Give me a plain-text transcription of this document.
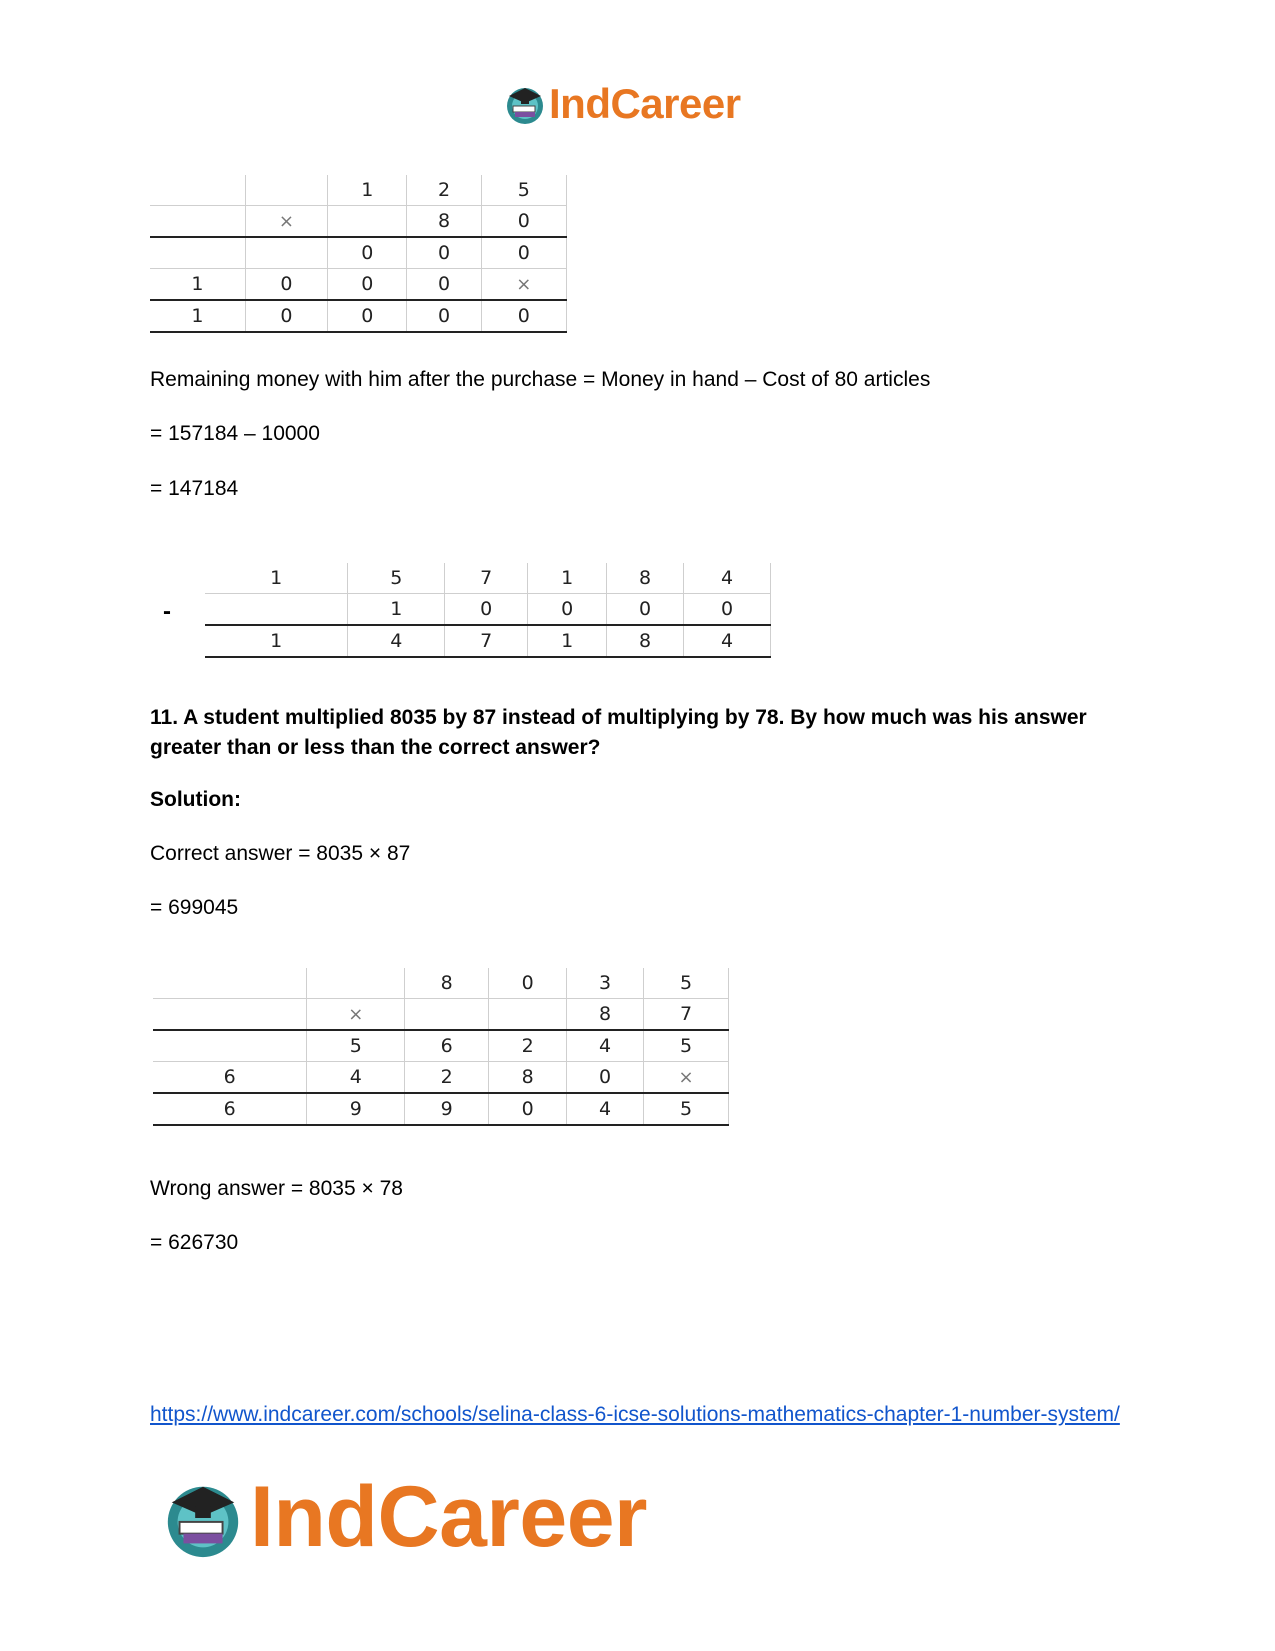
IndCareer
		1	2	5
	×		8	0
		0	0	0
1	0	0	0	×
1	0	0	0	0
Remaining money with him after the purchase = Money in hand – Cost of 80 articles
= 157184 – 10000
= 147184
-
1	5	7	1	8	4
	1	0	0	0	0
1	4	7	1	8	4
11. A student multiplied 8035 by 87 instead of multiplying by 78. By how much was his answer greater than or less than the correct answer?
Solution:
Correct answer = 8035 × 87
= 699045
		8	0	3	5
	×			8	7
	5	6	2	4	5
6	4	2	8	0	×
6	9	9	0	4	5
Wrong answer = 8035 × 78
= 626730
https://www.indcareer.com/schools/selina-class-6-icse-solutions-mathematics-chapter-1-number-system/
IndCareer
